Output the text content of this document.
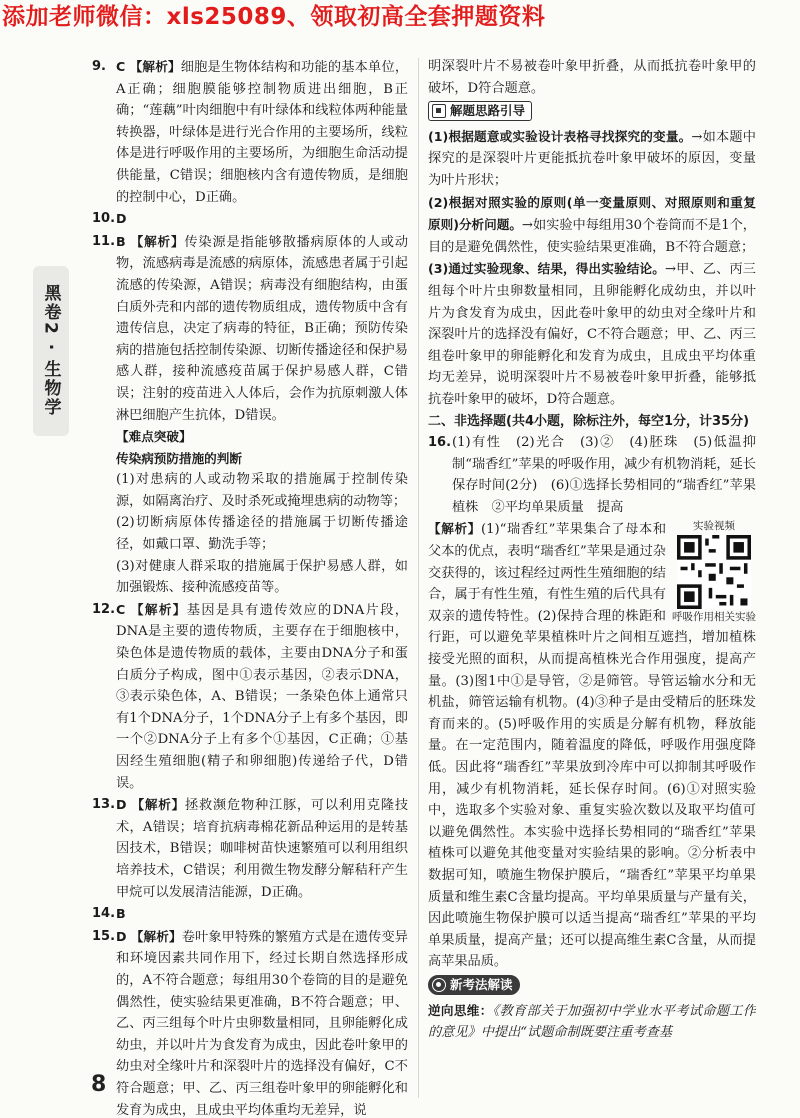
添加老师微信：xls25089、领取初高全套押题资料
黑卷2 · 生物学
9. C 【解析】细胞是生物体结构和功能的基本单位，A正确；细胞膜能够控制物质进出细胞，B正确；“莲藕”叶肉细胞中有叶绿体和线粒体两种能量转换器，叶绿体是进行光合作用的主要场所，线粒体是进行呼吸作用的主要场所，为细胞生命活动提供能量，C错误；细胞核内含有遗传物质，是细胞的控制中心，D正确。
10. D
11. B 【解析】传染源是指能够散播病原体的人或动物，流感病毒是流感的病原体，流感患者属于引起流感的传染源，A错误；病毒没有细胞结构，由蛋白质外壳和内部的遗传物质组成，遗传物质中含有遗传信息，决定了病毒的特征，B正确；预防传染病的措施包括控制传染源、切断传播途径和保护易感人群，接种流感疫苗属于保护易感人群，C错误；注射的疫苗进入人体后，会作为抗原刺激人体淋巴细胞产生抗体，D错误。
【难点突破】
传染病预防措施的判断
(1)对患病的人或动物采取的措施属于控制传染源，如隔离治疗、及时杀死或掩埋患病的动物等；
(2)切断病原体传播途径的措施属于切断传播途径，如戴口罩、勤洗手等；
(3)对健康人群采取的措施属于保护易感人群，如加强锻炼、接种流感疫苗等。
12. C 【解析】基因是具有遗传效应的DNA片段，DNA是主要的遗传物质，主要存在于细胞核中，染色体是遗传物质的载体，主要由DNA分子和蛋白质分子构成，图中①表示基因，②表示DNA，③表示染色体，A、B错误；一条染色体上通常只有1个DNA分子，1个DNA分子上有多个基因，即一个②DNA分子上有多个①基因，C正确；①基因经生殖细胞(精子和卵细胞)传递给子代，D错误。
13. D 【解析】拯救濒危物种江豚，可以利用克隆技术，A错误；培育抗病毒棉花新品种运用的是转基因技术，B错误；咖啡树苗快速繁殖可以利用组织培养技术，C错误；利用微生物发酵分解秸秆产生甲烷可以发展清洁能源，D正确。
14. B
15. D 【解析】卷叶象甲特殊的繁殖方式是在遗传变异和环境因素共同作用下，经过长期自然选择形成的，A不符合题意；每组用30个卷筒的目的是避免偶然性，使实验结果更准确，B不符合题意；甲、乙、丙三组每个叶片虫卵数量相同，且卵能孵化成幼虫，并以叶片为食发育为成虫，因此卷叶象甲的幼虫对全缘叶片和深裂叶片的选择没有偏好，C不符合题意；甲、乙、丙三组卷叶象甲的卵能孵化和发育为成虫，且成虫平均体重均无差异，说
明深裂叶片不易被卷叶象甲折叠，从而抵抗卷叶象甲的破坏，D符合题意。
解题思路引导
(1)根据题意或实验设计表格寻找探究的变量。→如本题中探究的是深裂叶片更能抵抗卷叶象甲破坏的原因，变量为叶片形状；
(2)根据对照实验的原则(单一变量原则、对照原则和重复原则)分析问题。→如实验中每组用30个卷筒而不是1个，目的是避免偶然性，使实验结果更准确，B不符合题意；
(3)通过实验现象、结果，得出实验结论。→甲、乙、丙三组每个叶片虫卵数量相同，且卵能孵化成幼虫，并以叶片为食发育为成虫，因此卷叶象甲的幼虫对全缘叶片和深裂叶片的选择没有偏好，C不符合题意；甲、乙、丙三组卷叶象甲的卵能孵化和发育为成虫，且成虫平均体重均无差异，说明深裂叶片不易被卷叶象甲折叠，能够抵抗卷叶象甲的破坏，D符合题意。
二、非选择题(共4小题，除标注外，每空1分，计35分)
16. (1)有性　(2)光合　(3)②　(4)胚珠　(5)低温抑制“瑞香红”苹果的呼吸作用，减少有机物消耗，延长保存时间(2分)　(6)①选择长势相同的“瑞香红”苹果植株　②平均单果质量　提高
实验视频
呼吸作用相关实验
【解析】(1)“瑞香红”苹果集合了母本和父本的优点，表明“瑞香红”苹果是通过杂交获得的，该过程经过两性生殖细胞的结合，属于有性生殖，有性生殖的后代具有双亲的遗传特性。(2)保持合理的株距和行距，可以避免苹果植株叶片之间相互遮挡，增加植株接受光照的面积，从而提高植株光合作用强度，提高产量。(3)图1中①是导管，②是筛管。导管运输水分和无机盐，筛管运输有机物。(4)③种子是由受精后的胚珠发育而来的。(5)呼吸作用的实质是分解有机物，释放能量。在一定范围内，随着温度的降低，呼吸作用强度降低。因此将“瑞香红”苹果放到冷库中可以抑制其呼吸作用，减少有机物消耗，延长保存时间。(6)①对照实验中，选取多个实验对象、重复实验次数以及取平均值可以避免偶然性。本实验中选择长势相同的“瑞香红”苹果植株可以避免其他变量对实验结果的影响。②分析表中数据可知，喷施生物保护膜后，“瑞香红”苹果平均单果质量和维生素C含量均提高。平均单果质量与产量有关，因此喷施生物保护膜可以适当提高“瑞香红”苹果的平均单果质量，提高产量；还可以提高维生素C含量，从而提高苹果品质。
新考法解读
逆向思维：《教育部关于加强初中学业水平考试命题工作的意见》中提出“试题命制既要注重考查基
8
